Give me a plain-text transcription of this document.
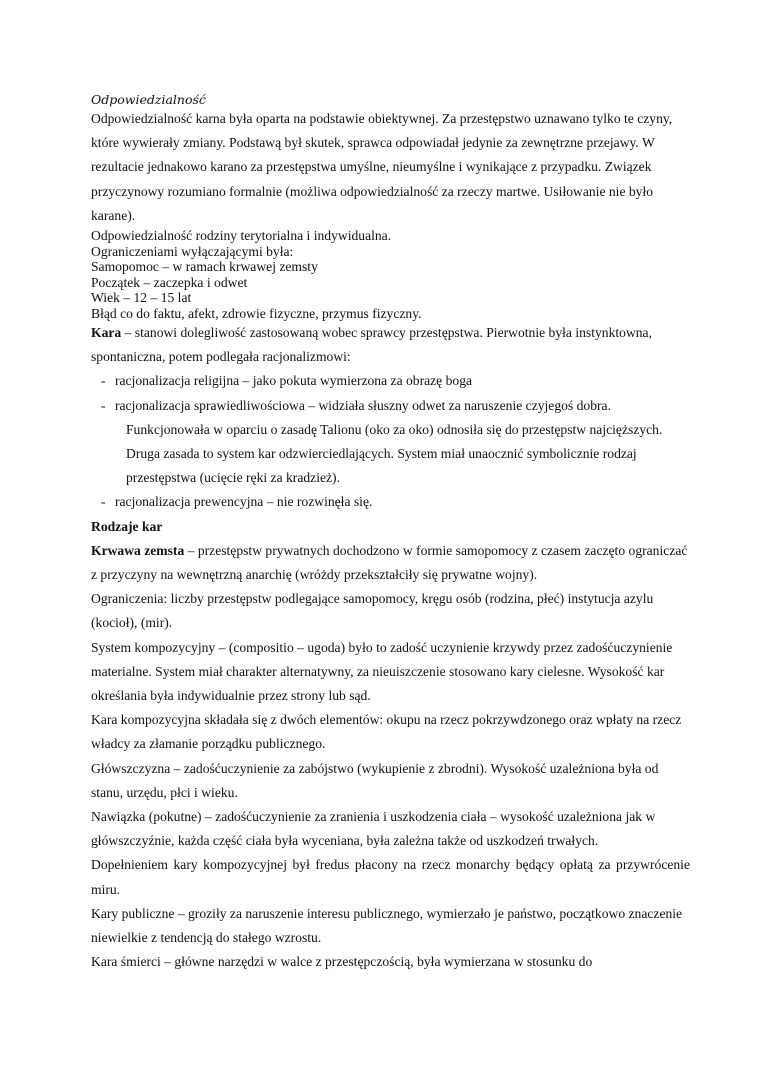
Odpowiedzialność

Odpowiedzialność karna była oparta na podstawie obiektywnej. Za przestępstwo uznawano tylko te czyny, które wywierały zmiany. Podstawą był skutek, sprawca odpowiadał jedynie za zewnętrzne przejawy. W rezultacie jednakowo karano za przestępstwa umyślne, nieumyślne i wynikające z przypadku. Związek przyczynowy rozumiano formalnie (możliwa odpowiedzialność za rzeczy martwe. Usiłowanie nie było karane).

Odpowiedzialność rodziny terytorialna i indywidualna.
Ograniczeniami wyłączającymi była:
Samopomoc – w ramach krwawej zemsty
Początek – zaczepka i odwet
Wiek – 12 – 15 lat
Błąd co do faktu, afekt, zdrowie fizyczne, przymus fizyczny.

Kara – stanowi dolegliwość zastosowaną wobec sprawcy przestępstwa. Pierwotnie była instynktowna, spontaniczna, potem podlegała racjonalizmowi:

- racjonalizacja religijna – jako pokuta wymierzona za obrazę boga
- racjonalizacja sprawiedliwościowa – widziała słuszny odwet za naruszenie czyjegoś dobra.
Funkcjonowała w oparciu o zasadę Talionu (oko za oko) odnosiła się do przestępstw najcięższych. Druga zasada to system kar odzwierciedlających. System miał unaocznić symbolicznie rodzaj przestępstwa (ucięcie ręki za kradzież).
- racjonalizacja prewencyjna – nie rozwinęła się.

Rodzaje kar

Krwawa zemsta – przestępstw prywatnych dochodzono w formie samopomocy z czasem zaczęto ograniczać z przyczyny na wewnętrzną anarchię (wróżdy przekształciły się prywatne wojny).

Ograniczenia: liczby przestępstw podlegające samopomocy, kręgu osób (rodzina, płeć) instytucja azylu (kocioł), (mir).

System kompozycyjny – (compositio – ugoda) było to zadość uczynienie krzywdy przez zadośćuczynienie materialne. System miał charakter alternatywny, za nieuiszczenie stosowano kary cielesne. Wysokość kar określania była indywidualnie przez strony lub sąd.

Kara kompozycyjna składała się z dwóch elementów: okupu na rzecz pokrzywdzonego oraz wpłaty na rzecz władcy za złamanie porządku publicznego.

Główszczyzna – zadośćuczynienie za zabójstwo (wykupienie z zbrodni). Wysokość uzależniona była od stanu, urzędu, płci i wieku.

Nawiązka (pokutne) – zadośćuczynienie za zranienia i uszkodzenia ciała – wysokość uzależniona jak w główszczyźnie, każda część ciała była wyceniana, była zależna także od uszkodzeń trwałych.

Dopełnieniem kary kompozycyjnej był fredus płacony na rzecz monarchy będący opłatą za przywrócenie miru.

Kary publiczne – groziły za naruszenie interesu publicznego, wymierzało je państwo, początkowo znaczenie niewielkie z tendencją do stałego wzrostu.

Kara śmierci – główne narzędzi w walce z przestępczością, była wymierzana w stosunku do
